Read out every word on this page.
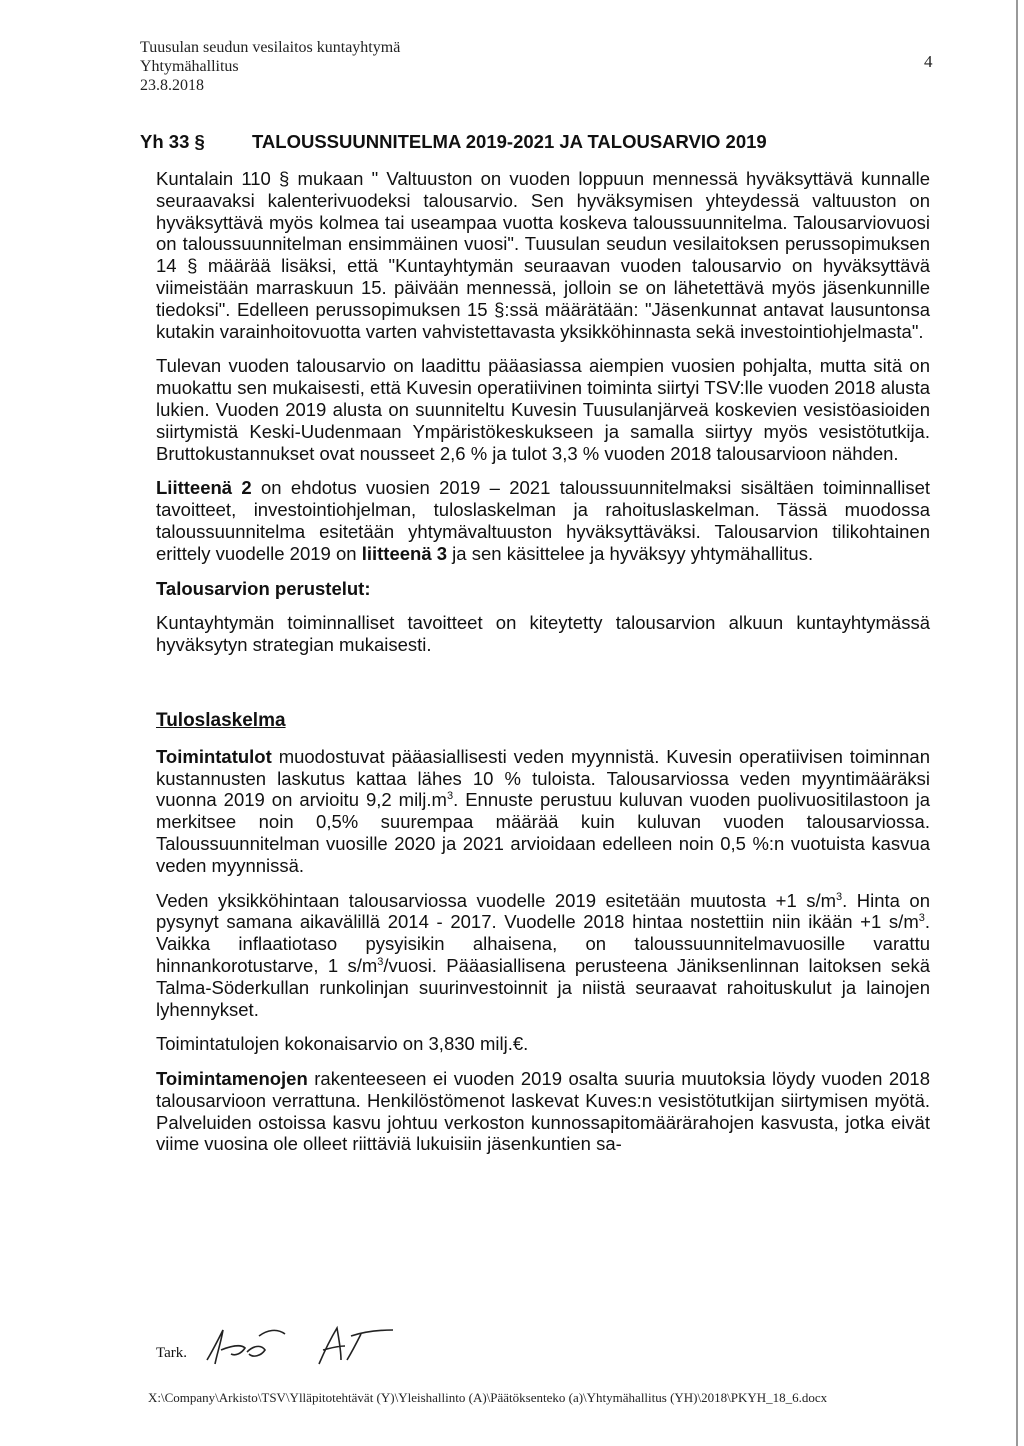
Tuusulan seudun vesilaitos kuntayhtymä
Yhtymähallitus
23.8.2018
4
Yh 33 §	TALOUSSUUNNITELMA 2019-2021 JA TALOUSARVIO 2019

Kuntalain 110 § mukaan " Valtuuston on vuoden loppuun mennessä hyväksyttävä kunnalle seuraavaksi kalenterivuodeksi talousarvio. Sen hyväksymisen yhteydessä valtuuston on hyväksyttävä myös kolmea tai useampaa vuotta koskeva taloussuunnitelma. Talousarviovuosi on taloussuunnitelman ensimmäinen vuosi". Tuusulan seudun vesilaitoksen perussopimuksen 14 § määrää lisäksi, että "Kuntayhtymän seuraavan vuoden talousarvio on hyväksyttävä viimeistään marraskuun 15. päivään mennessä, jolloin se on lähetettävä myös jäsenkunnille tiedoksi". Edelleen perussopimuksen 15 §:ssä määrätään: "Jäsenkunnat antavat lausuntonsa kutakin varainhoitovuotta varten vahvistettavasta yksikköhinnasta sekä investointiohjelmasta".

Tulevan vuoden talousarvio on laadittu pääasiassa aiempien vuosien pohjalta, mutta sitä on muokattu sen mukaisesti, että Kuvesin operatiivinen toiminta siirtyi TSV:lle vuoden 2018 alusta lukien. Vuoden 2019 alusta on suunniteltu Kuvesin Tuusulanjärveä koskevien vesistöasioiden siirtymistä Keski-Uudenmaan Ympäristökeskukseen ja samalla siirtyy myös vesistötutkija. Bruttokustannukset ovat nousseet 2,6 % ja tulot 3,3 % vuoden 2018 talousarvioon nähden.

Liitteenä 2 on ehdotus vuosien 2019 – 2021 taloussuunnitelmaksi sisältäen toiminnalliset tavoitteet, investointiohjelman, tuloslaskelman ja rahoituslaskelman. Tässä muodossa taloussuunnitelma esitetään yhtymävaltuuston hyväksyttäväksi. Talousarvion tilikohtainen erittely vuodelle 2019 on liitteenä 3 ja sen käsittelee ja hyväksyy yhtymähallitus.

Talousarvion perustelut:

Kuntayhtymän toiminnalliset tavoitteet on kiteytetty talousarvion alkuun kuntayhtymässä hyväksytyn strategian mukaisesti.

Tuloslaskelma

Toimintatulot muodostuvat pääasiallisesti veden myynnistä. Kuvesin operatiivisen toiminnan kustannusten laskutus kattaa lähes 10 % tuloista. Talousarviossa veden myyntimääräksi vuonna 2019 on arvioitu 9,2 $milj.m^3$. Ennuste perustuu kuluvan vuoden puolivuositilastoon ja merkitsee noin 0,5% suurempaa määrää kuin kuluvan vuoden talousarviossa. Taloussuunnitelman vuosille 2020 ja 2021 arvioidaan edelleen noin 0,5 %:n vuotuista kasvua veden myynnissä.

Veden yksikköhintaan talousarviossa vuodelle 2019 esitetään muutosta +1 $s/m^3$. Hinta on pysynyt samana aikavälillä 2014 - 2017. Vuodelle 2018 hintaa nostettiin niin ikään +1 $s/m^3$. Vaikka inflaatiotaso pysyisikin alhaisena, on taloussuunnitelmavuosille varattu hinnankorotustarve, 1 $s/m^3$/vuosi. Pääasiallisena perusteena Jäniksenlinnan laitoksen sekä Talma-Söderkullan runkolinjan suurinvestoinnit ja niistä seuraavat rahoituskulut ja lainojen lyhennykset.

Toimintatulojen kokonaisarvio on 3,830 milj.€.

Toimintamenojen rakenteeseen ei vuoden 2019 osalta suuria muutoksia löydy vuoden 2018 talousarvioon verrattuna. Henkilöstömenot laskevat Kuves:n vesistötutkijan siirtymisen myötä. Palveluiden ostoissa kasvu johtuu verkoston kunnossapitomäärärahojen kasvusta, jotka eivät viime vuosina ole olleet riittäviä lukuisiin jäsenkuntien sa-

Tark.
X:\Company\Arkisto\TSV\Ylläpitotehtävät (Y)\Yleishallinto (A)\Päätöksenteko (a)\Yhtymähallitus (YH)\2018\PKYH_18_6.docx
